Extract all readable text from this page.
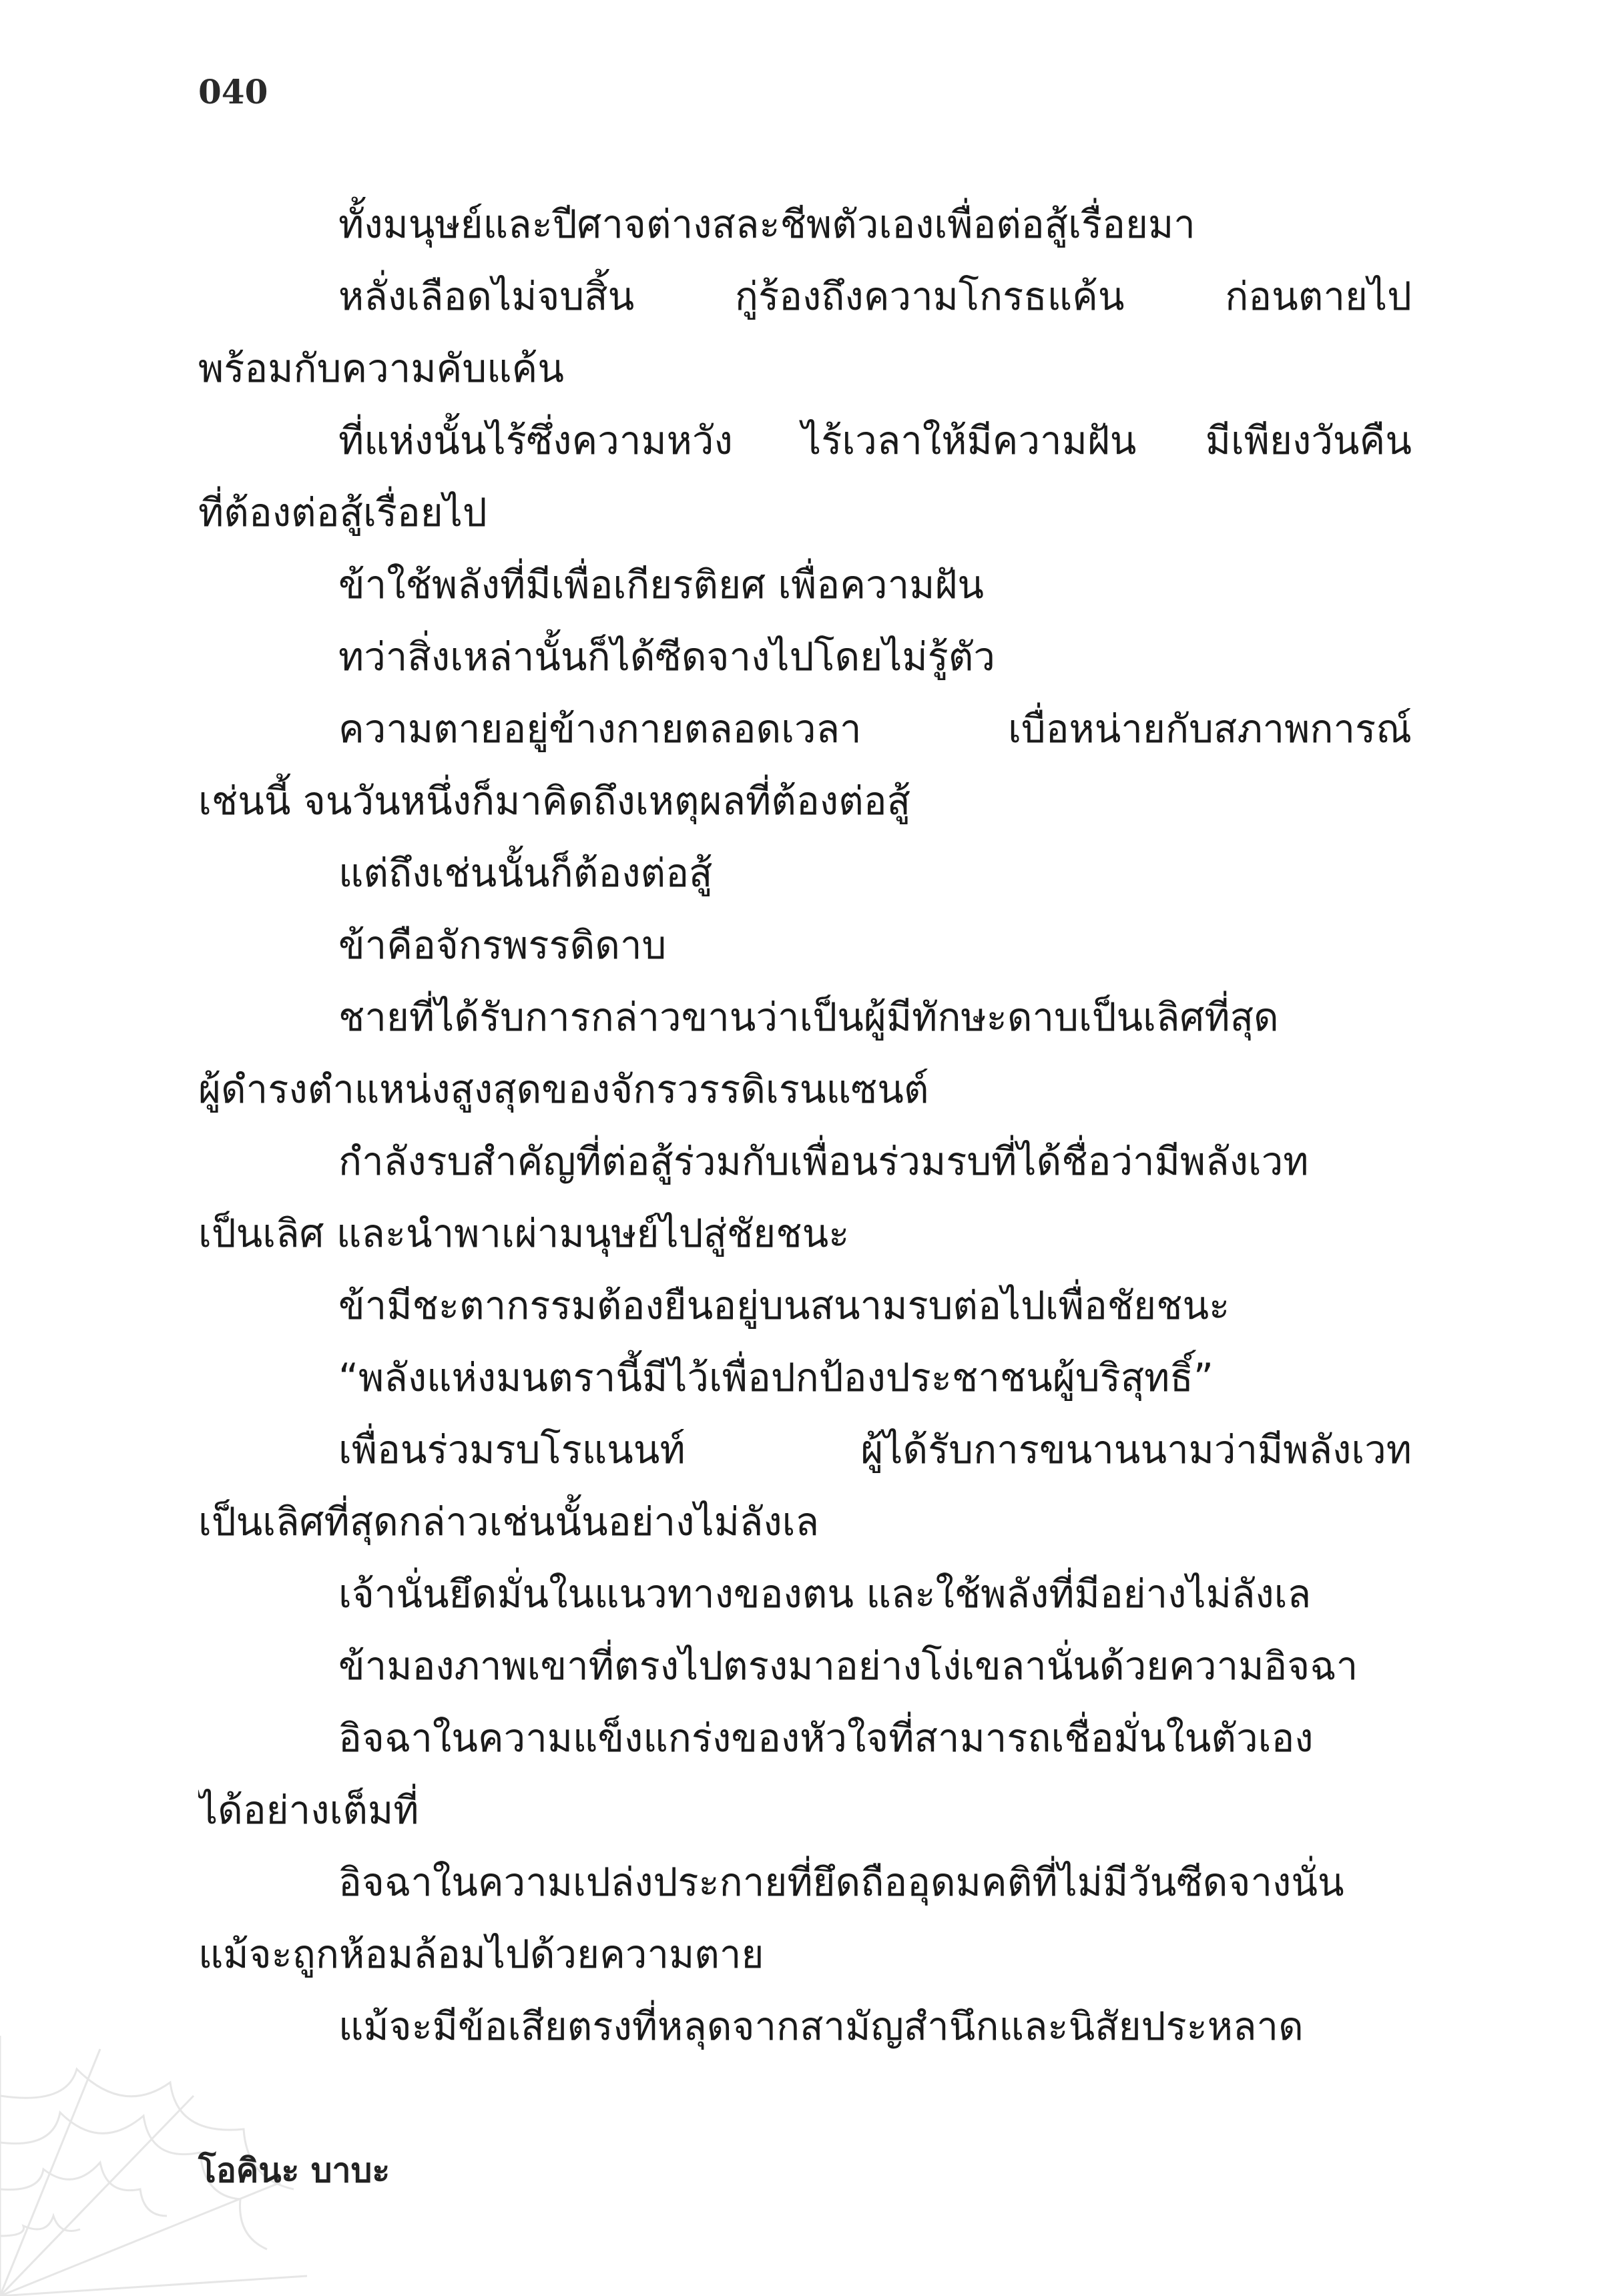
040
ทั้งมนุษย์และปีศาจต่างสละชีพตัวเองเพื่อต่อสู้เรื่อยมา
หลั่งเลือดไม่จบสิ้น กู่ร้องถึงความโกรธแค้น ก่อนตายไป
พร้อมกับความคับแค้น
ที่แห่งนั้นไร้ซึ่งความหวัง ไร้เวลาให้มีความฝัน มีเพียงวันคืน
ที่ต้องต่อสู้เรื่อยไป
ข้าใช้พลังที่มีเพื่อเกียรติยศ เพื่อความฝัน
ทว่าสิ่งเหล่านั้นก็ได้ซีดจางไปโดยไม่รู้ตัว
ความตายอยู่ข้างกายตลอดเวลา เบื่อหน่ายกับสภาพการณ์
เช่นนี้ จนวันหนึ่งก็มาคิดถึงเหตุผลที่ต้องต่อสู้
แต่ถึงเช่นนั้นก็ต้องต่อสู้
ข้าคือจักรพรรดิดาบ
ชายที่ได้รับการกล่าวขานว่าเป็นผู้มีทักษะดาบเป็นเลิศที่สุด
ผู้ดำรงตำแหน่งสูงสุดของจักรวรรดิเรนแซนต์
กำลังรบสำคัญที่ต่อสู้ร่วมกับเพื่อนร่วมรบที่ได้ชื่อว่ามีพลังเวท
เป็นเลิศ และนำพาเผ่ามนุษย์ไปสู่ชัยชนะ
ข้ามีชะตากรรมต้องยืนอยู่บนสนามรบต่อไปเพื่อชัยชนะ
“พลังแห่งมนตรานี้มีไว้เพื่อปกป้องประชาชนผู้บริสุทธิ์”
เพื่อนร่วมรบโรแนนท์ ผู้ได้รับการขนานนามว่ามีพลังเวท
เป็นเลิศที่สุดกล่าวเช่นนั้นอย่างไม่ลังเล
เจ้านั่นยึดมั่นในแนวทางของตน และใช้พลังที่มีอย่างไม่ลังเล
ข้ามองภาพเขาที่ตรงไปตรงมาอย่างโง่เขลานั่นด้วยความอิจฉา
อิจฉาในความแข็งแกร่งของหัวใจที่สามารถเชื่อมั่นในตัวเอง
ได้อย่างเต็มที่
อิจฉาในความเปล่งประกายที่ยึดถืออุดมคติที่ไม่มีวันซีดจางนั่น
แม้จะถูกห้อมล้อมไปด้วยความตาย
แม้จะมีข้อเสียตรงที่หลุดจากสามัญสำนึกและนิสัยประหลาด
โอคินะ บาบะ
